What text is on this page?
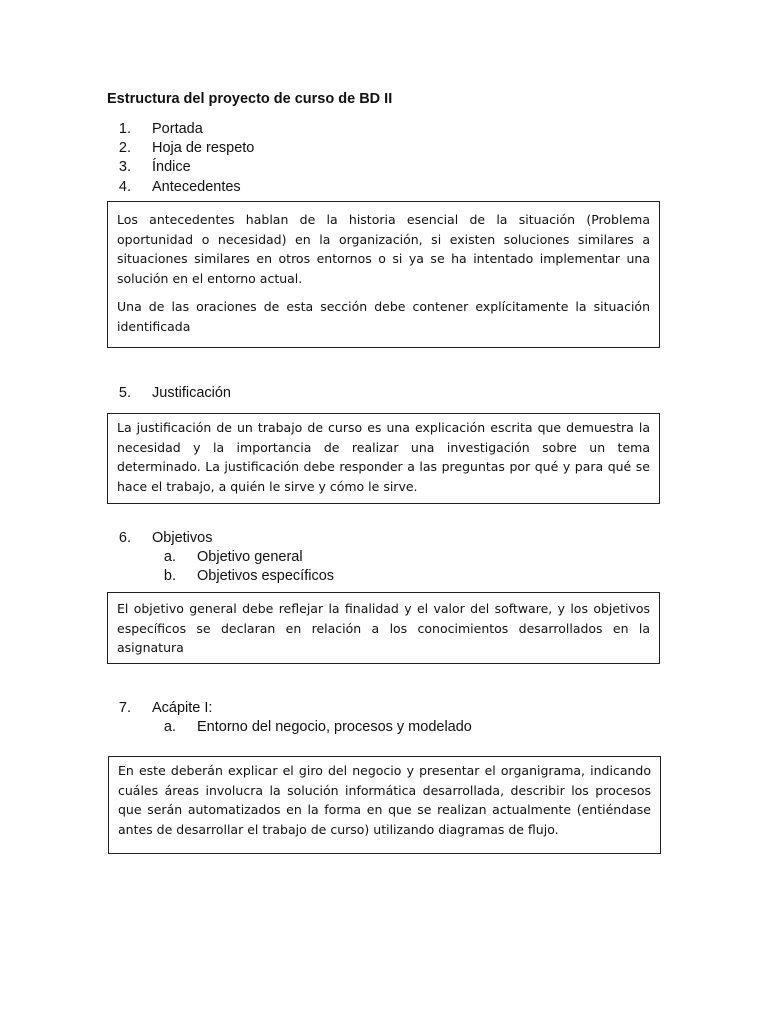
Estructura del proyecto de curso de BD II
1. Portada
2. Hoja de respeto
3. Índice
4. Antecedentes

Los antecedentes hablan de la historia esencial de la situación (Problema oportunidad o necesidad) en la organización, si existen soluciones similares a situaciones similares en otros entornos o si ya se ha intentado implementar una solución en el entorno actual.

Una de las oraciones de esta sección debe contener explícitamente la situación identificada

5. Justificación

La justificación de un trabajo de curso es una explicación escrita que demuestra la necesidad y la importancia de realizar una investigación sobre un tema determinado. La justificación debe responder a las preguntas por qué y para qué se hace el trabajo, a quién le sirve y cómo le sirve.

6. Objetivos
a. Objetivo general
b. Objetivos específicos

El objetivo general debe reflejar la finalidad y el valor del software, y los objetivos específicos se declaran en relación a los conocimientos desarrollados en la asignatura

7. Acápite I:
a. Entorno del negocio, procesos y modelado

En este deberán explicar el giro del negocio y presentar el organigrama, indicando cuáles áreas involucra la solución informática desarrollada, describir los procesos que serán automatizados en la forma en que se realizan actualmente (entiéndase antes de desarrollar el trabajo de curso) utilizando diagramas de flujo.
